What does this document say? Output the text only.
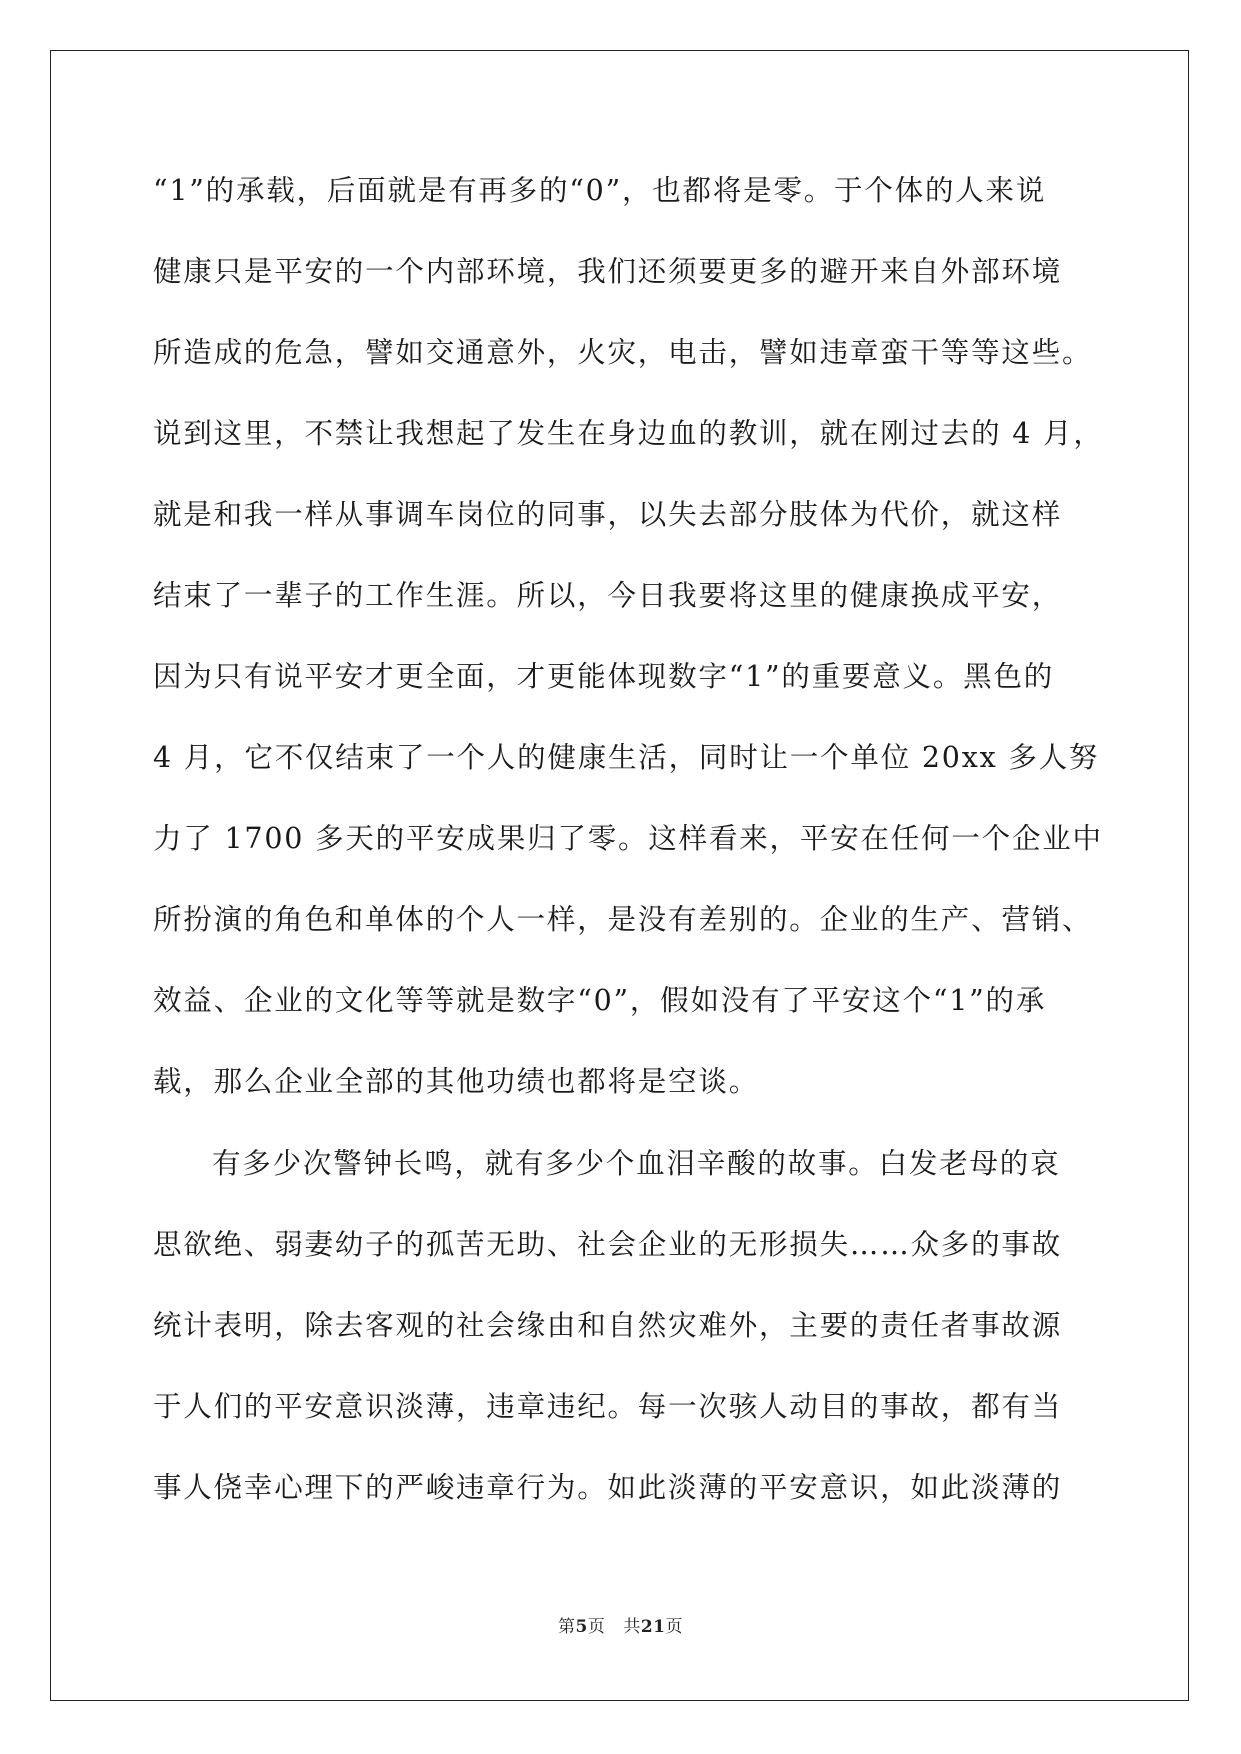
“1”的承载，后面就是有再多的“0”，也都将是零。于个体的人来说
健康只是平安的一个内部环境，我们还须要更多的避开来自外部环境
所造成的危急，譬如交通意外，火灾，电击，譬如违章蛮干等等这些。
说到这里，不禁让我想起了发生在身边血的教训，就在刚过去的 4 月，
就是和我一样从事调车岗位的同事，以失去部分肢体为代价，就这样
结束了一辈子的工作生涯。所以，今日我要将这里的健康换成平安，
因为只有说平安才更全面，才更能体现数字“1”的重要意义。黑色的
4 月，它不仅结束了一个人的健康生活，同时让一个单位 20xx 多人努
力了 1700 多天的平安成果归了零。这样看来，平安在任何一个企业中
所扮演的角色和单体的个人一样，是没有差别的。企业的生产、营销、
效益、企业的文化等等就是数字“0”，假如没有了平安这个“1”的承
载，那么企业全部的其他功绩也都将是空谈。
有多少次警钟长鸣，就有多少个血泪辛酸的故事。白发老母的哀
思欲绝、弱妻幼子的孤苦无助、社会企业的无形损失……众多的事故
统计表明，除去客观的社会缘由和自然灾难外，主要的责任者事故源
于人们的平安意识淡薄，违章违纪。每一次骇人动目的事故，都有当
事人侥幸心理下的严峻违章行为。如此淡薄的平安意识，如此淡薄的
第5页 共21页
